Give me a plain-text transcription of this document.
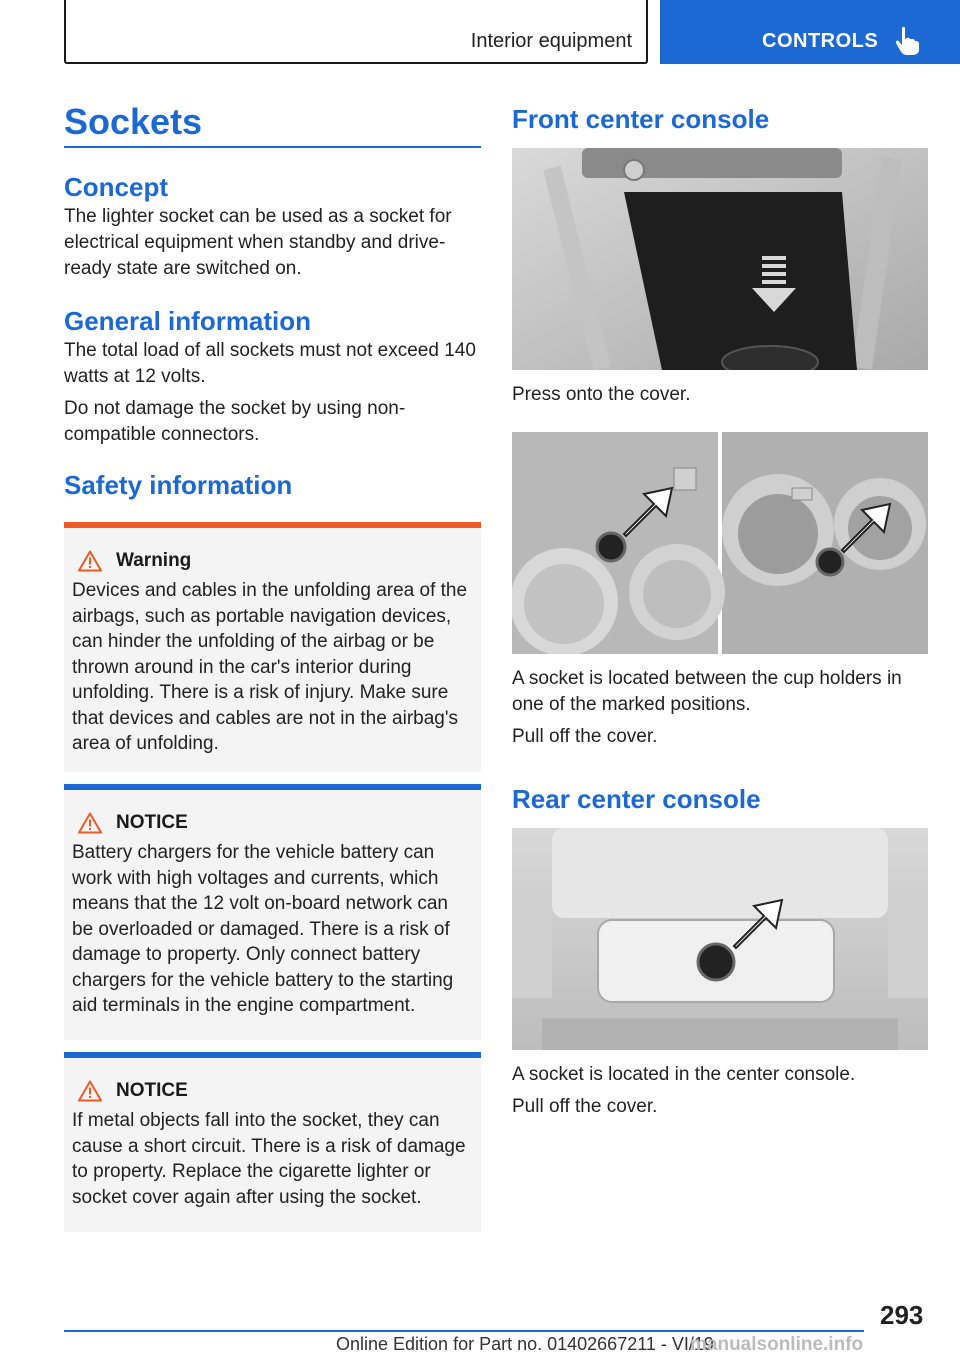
Interior equipment	CONTROLS
Sockets
Concept

The lighter socket can be used as a socket for electrical equipment when standby and drive-ready state are switched on.

General information

The total load of all sockets must not exceed 140 watts at 12 volts.

Do not damage the socket by using non-compatible connectors.

Safety information
Warning

Devices and cables in the unfolding area of the airbags, such as portable navigation devices, can hinder the unfolding of the airbag or be thrown around in the car's interior during unfolding. There is a risk of injury. Make sure that devices and cables are not in the airbag's area of unfolding.

NOTICE

Battery chargers for the vehicle battery can work with high voltages and currents, which means that the 12 volt on-board network can be overloaded or damaged. There is a risk of damage to property. Only connect battery chargers for the vehicle battery to the starting aid terminals in the engine compartment.

NOTICE

If metal objects fall into the socket, they can cause a short circuit. There is a risk of damage to property. Replace the cigarette lighter or socket cover again after using the socket.

Front center console

Press onto the cover.

A socket is located between the cup holders in one of the marked positions.

Pull off the cover.

Rear center console

A socket is located in the center console.

Pull off the cover.

293
Online Edition for Part no. 01402667211 - VI/19
manualsonline.info
